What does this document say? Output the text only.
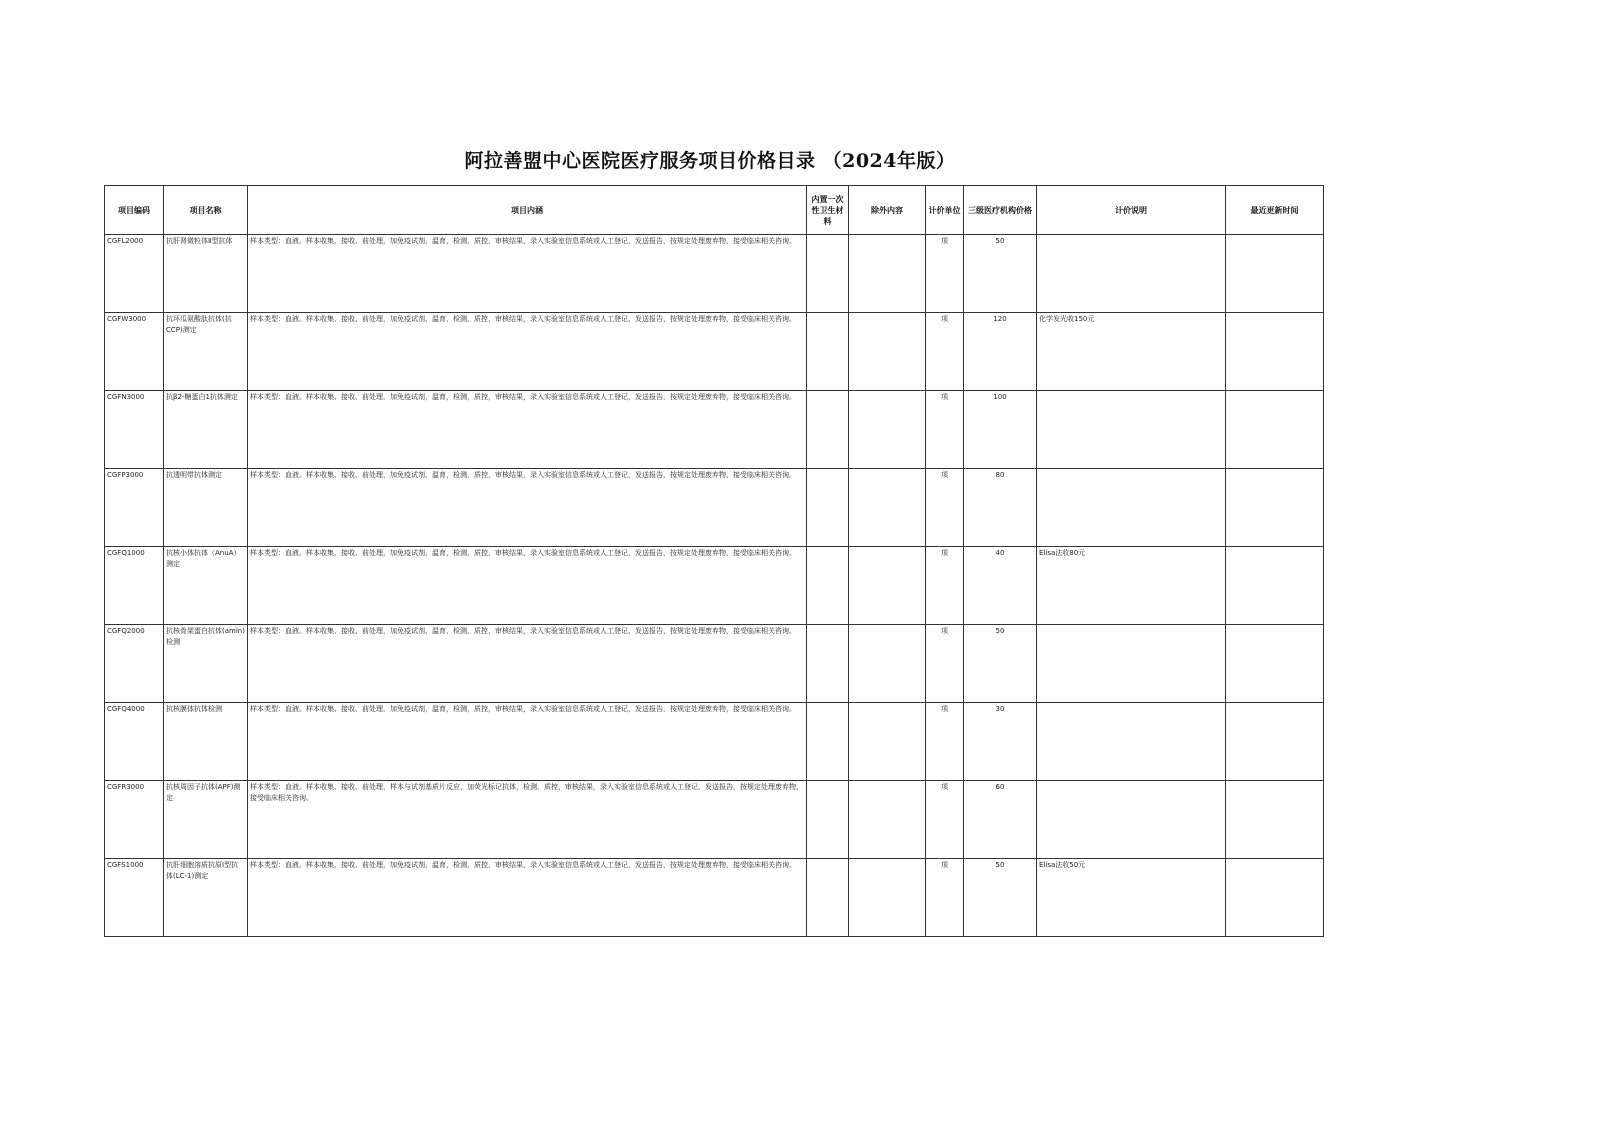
阿拉善盟中心医院医疗服务项目价格目录 （2024年版）
项目编码	项目名称	项目内涵	内置一次性卫生材料	除外内容	计价单位	三级医疗机构价格	计价说明	最近更新时间
CGFL2000	抗肝肾微粒体Ⅱ型抗体	样本类型：血液。样本收集、接收、前处理，加免疫试剂，温育，检测，质控，审核结果，录入实验室信息系统或人工登记，发送报告，按规定处理废弃物，接受临床相关咨询。			项	50		
CGFW3000	抗环瓜氨酸肽抗体(抗CCP)测定	样本类型：血液。样本收集、接收、前处理，加免疫试剂，温育，检测，质控，审核结果，录入实验室信息系统或人工登记，发送报告，按规定处理废弃物，接受临床相关咨询。			项	120	化学发光收150元	
CGFN3000	抗β2-糖蛋白1抗体测定	样本类型：血液。样本收集、接收、前处理，加免疫试剂，温育，检测，质控，审核结果，录入实验室信息系统或人工登记，发送报告，按规定处理废弃物，接受临床相关咨询。			项	100		
CGFP3000	抗透明带抗体测定	样本类型：血液。样本收集、接收、前处理，加免疫试剂，温育，检测，质控，审核结果，录入实验室信息系统或人工登记，发送报告，按规定处理废弃物，接受临床相关咨询。			项	80		
CGFQ1000	抗核小体抗体（AnuA）测定	样本类型：血液。样本收集、接收、前处理，加免疫试剂，温育，检测，质控，审核结果，录入实验室信息系统或人工登记，发送报告，按规定处理废弃物，接受临床相关咨询。			项	40	Elisa法收80元	
CGFQ2000	抗核骨架蛋白抗体(amin)检测	样本类型：血液。样本收集、接收、前处理，加免疫试剂，温育，检测，质控，审核结果，录入实验室信息系统或人工登记，发送报告，按规定处理废弃物，接受临床相关咨询。			项	50		
CGFQ4000	抗核膜体抗体检测	样本类型：血液。样本收集、接收、前处理，加免疫试剂，温育，检测，质控，审核结果，录入实验室信息系统或人工登记，发送报告，按规定处理废弃物，接受临床相关咨询。			项	30		
CGFR3000	抗核周因子抗体(APF)测定	样本类型：血液。样本收集、接收、前处理，样本与试剂基质片反应，加荧光标记抗体，检测，质控，审核结果，录入实验室信息系统或人工登记，发送报告，按规定处理废弃物，接受临床相关咨询。			项	60		
CGFS1000	抗肝细胞溶质抗原Ⅰ型抗体(LC-1)测定	样本类型：血液。样本收集、接收、前处理，加免疫试剂，温育，检测，质控，审核结果，录入实验室信息系统或人工登记，发送报告，按规定处理废弃物，接受临床相关咨询。			项	50	Elisa法收50元	
